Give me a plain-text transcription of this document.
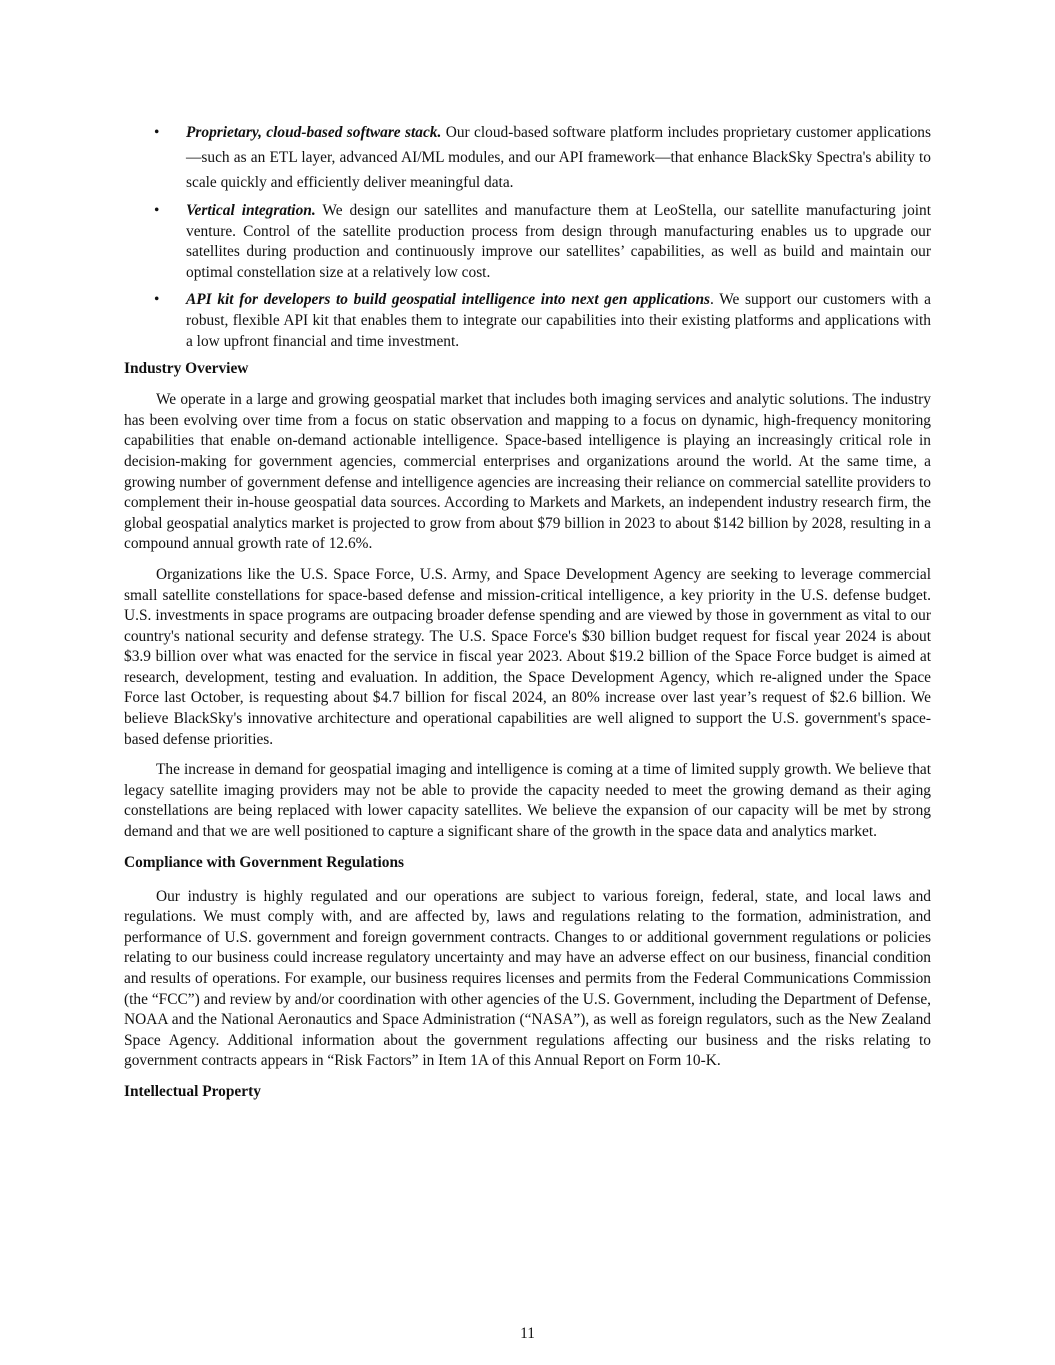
• Proprietary, cloud-based software stack. Our cloud-based software platform includes proprietary customer applications—such as an ETL layer, advanced AI/ML modules, and our API framework—that enhance BlackSky Spectra's ability to scale quickly and efficiently deliver meaningful data.
• Vertical integration. We design our satellites and manufacture them at LeoStella, our satellite manufacturing joint venture. Control of the satellite production process from design through manufacturing enables us to upgrade our satellites during production and continuously improve our satellites’ capabilities, as well as build and maintain our optimal constellation size at a relatively low cost.
• API kit for developers to build geospatial intelligence into next gen applications. We support our customers with a robust, flexible API kit that enables them to integrate our capabilities into their existing platforms and applications with a low upfront financial and time investment.
Industry Overview

We operate in a large and growing geospatial market that includes both imaging services and analytic solutions. The industry has been evolving over time from a focus on static observation and mapping to a focus on dynamic, high-frequency monitoring capabilities that enable on-demand actionable intelligence. Space-based intelligence is playing an increasingly critical role in decision-making for government agencies, commercial enterprises and organizations around the world. At the same time, a growing number of government defense and intelligence agencies are increasing their reliance on commercial satellite providers to complement their in-house geospatial data sources. According to Markets and Markets, an independent industry research firm, the global geospatial analytics market is projected to grow from about $79 billion in 2023 to about $142 billion by 2028, resulting in a compound annual growth rate of 12.6%.

Organizations like the U.S. Space Force, U.S. Army, and Space Development Agency are seeking to leverage commercial small satellite constellations for space-based defense and mission-critical intelligence, a key priority in the U.S. defense budget. U.S. investments in space programs are outpacing broader defense spending and are viewed by those in government as vital to our country's national security and defense strategy. The U.S. Space Force's $30 billion budget request for fiscal year 2024 is about $3.9 billion over what was enacted for the service in fiscal year 2023. About $19.2 billion of the Space Force budget is aimed at research, development, testing and evaluation. In addition, the Space Development Agency, which re-aligned under the Space Force last October, is requesting about $4.7 billion for fiscal 2024, an 80% increase over last year’s request of $2.6 billion. We believe BlackSky's innovative architecture and operational capabilities are well aligned to support the U.S. government's space-based defense priorities.

The increase in demand for geospatial imaging and intelligence is coming at a time of limited supply growth. We believe that legacy satellite imaging providers may not be able to provide the capacity needed to meet the growing demand as their aging constellations are being replaced with lower capacity satellites. We believe the expansion of our capacity will be met by strong demand and that we are well positioned to capture a significant share of the growth in the space data and analytics market.

Compliance with Government Regulations

Our industry is highly regulated and our operations are subject to various foreign, federal, state, and local laws and regulations. We must comply with, and are affected by, laws and regulations relating to the formation, administration, and performance of U.S. government and foreign government contracts. Changes to or additional government regulations or policies relating to our business could increase regulatory uncertainty and may have an adverse effect on our business, financial condition and results of operations. For example, our business requires licenses and permits from the Federal Communications Commission (the “FCC”) and review by and/or coordination with other agencies of the U.S. Government, including the Department of Defense, NOAA and the National Aeronautics and Space Administration (“NASA”), as well as foreign regulators, such as the New Zealand Space Agency. Additional information about the government regulations affecting our business and the risks relating to government contracts appears in “Risk Factors” in Item 1A of this Annual Report on Form 10-K.

Intellectual Property
11
